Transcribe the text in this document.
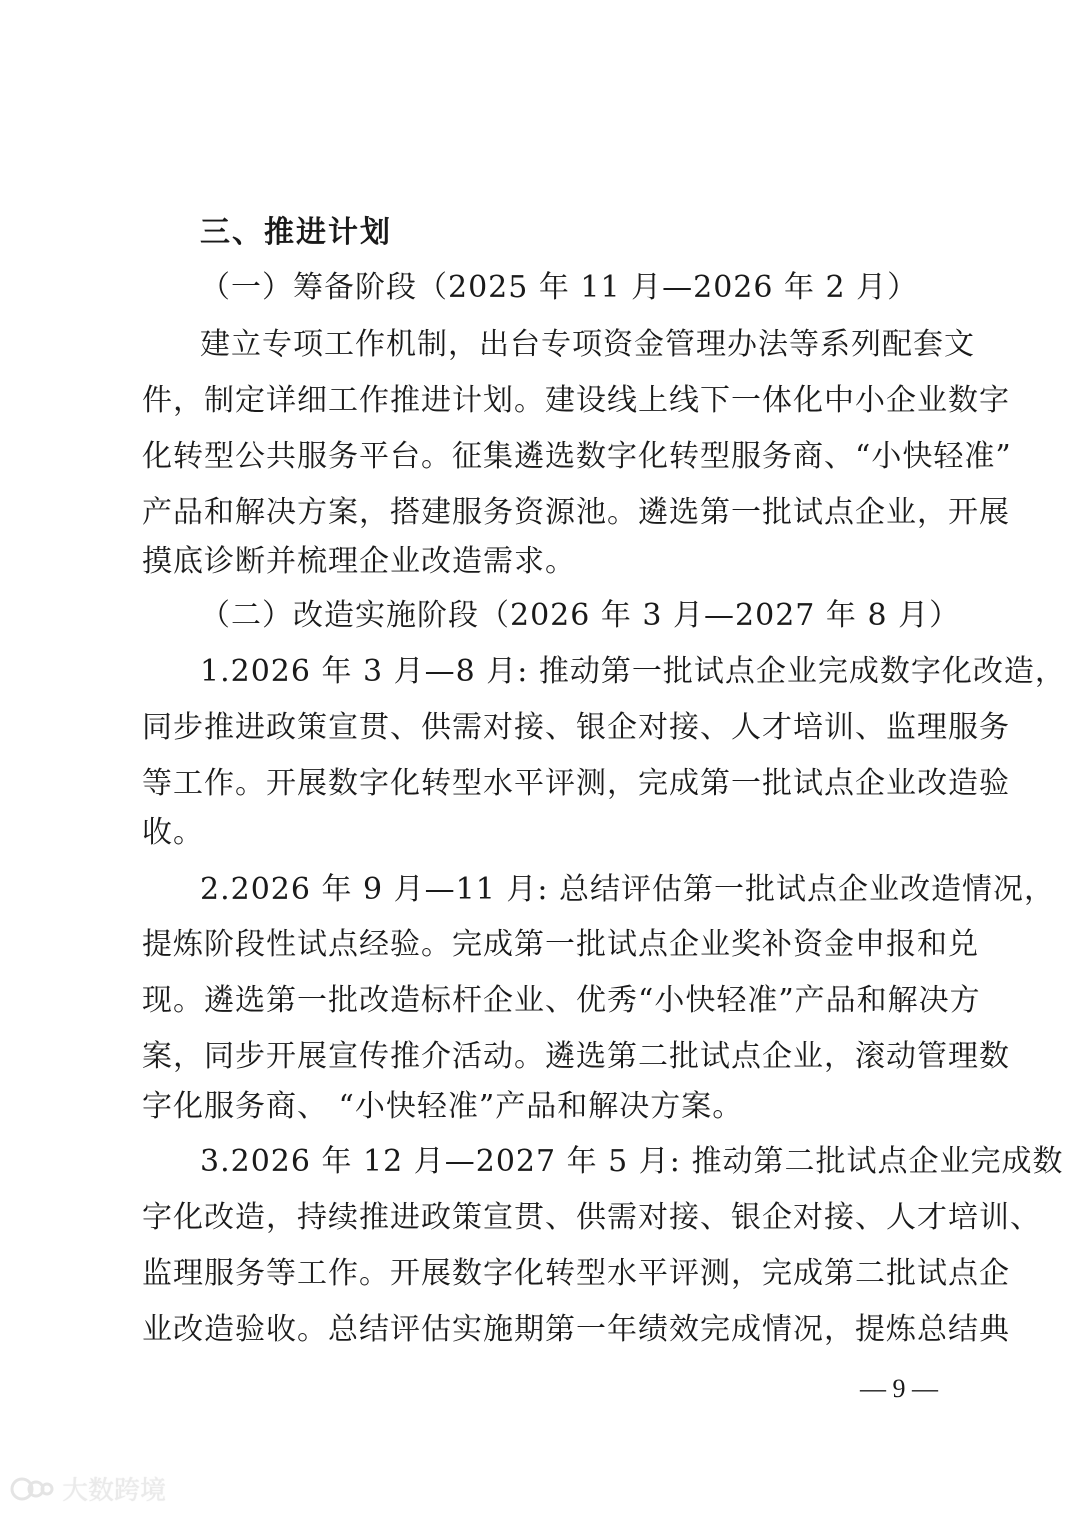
三、推进计划
（一）筹备阶段（2025 年 11 月—2026 年 2 月）
建立专项工作机制，出台专项资金管理办法等系列配套文
件，制定详细工作推进计划。建设线上线下一体化中小企业数字
化转型公共服务平台。征集遴选数字化转型服务商、“小快轻准”
产品和解决方案，搭建服务资源池。遴选第一批试点企业，开展
摸底诊断并梳理企业改造需求。
（二）改造实施阶段（2026 年 3 月—2027 年 8 月）
1.2026 年 3 月—8 月: 推动第一批试点企业完成数字化改造，
同步推进政策宣贯、供需对接、银企对接、人才培训、监理服务
等工作。开展数字化转型水平评测，完成第一批试点企业改造验
收。
2.2026 年 9 月—11 月: 总结评估第一批试点企业改造情况，
提炼阶段性试点经验。完成第一批试点企业奖补资金申报和兑
现。遴选第一批改造标杆企业、优秀“小快轻准”产品和解决方
案，同步开展宣传推介活动。遴选第二批试点企业，滚动管理数
字化服务商、 “小快轻准”产品和解决方案。
3.2026 年 12 月—2027 年 5 月: 推动第二批试点企业完成数
字化改造，持续推进政策宣贯、供需对接、银企对接、人才培训、
监理服务等工作。开展数字化转型水平评测，完成第二批试点企
业改造验收。总结评估实施期第一年绩效完成情况，提炼总结典
— 9 —
大数跨境
